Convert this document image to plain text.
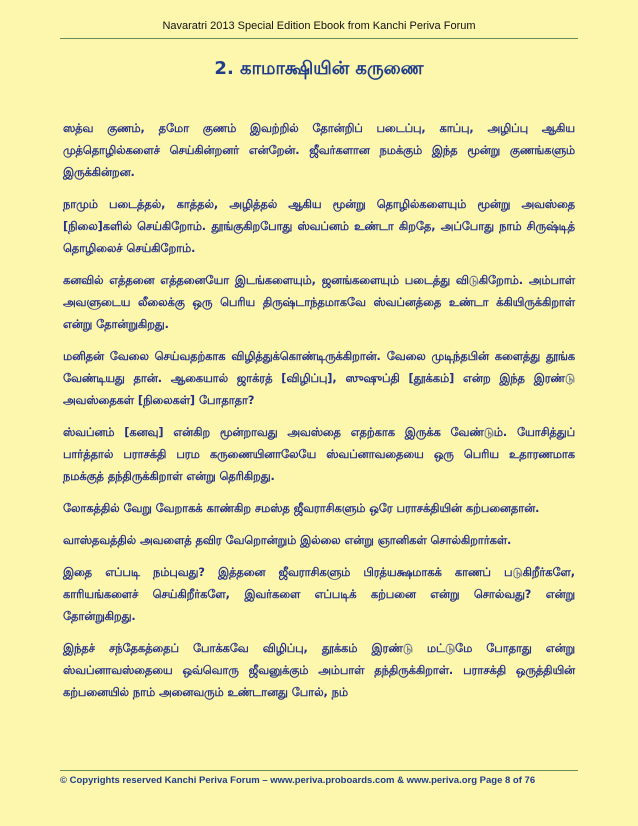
Navaratri 2013 Special Edition Ebook from Kanchi Periva Forum
2. காமாக்ஷியின் கருணை

ஸத்வ குணம், தமோ குணம் இவற்றில் தோன்றிப் படைப்பு, காப்பு, அழிப்பு ஆகிய முத்தொழில்களைச் செய்கின்றனர் என்றேன். ஜீவர்களான நமக்கும் இந்த மூன்று குணங்களும் இருக்கின்றன.

நாமும் படைத்தல், காத்தல், அழித்தல் ஆகிய மூன்று தொழில்களையும் மூன்று அவஸ்தை [நிலை]களில் செய்கிறோம். தூங்குகிறபோது ஸ்வப்னம் உண்டா கிறதே, அப்போது நாம் சிருஷ்டித் தொழிலைச் செய்கிறோம்.

கனவில் எத்தனை எத்தனையோ இடங்களையும், ஜனங்களையும் படைத்து விடுகிறோம். அம்பாள் அவளுடைய லீலைக்கு ஒரு பெரிய திருஷ்டாந்தமாகவே ஸ்வப்னத்தை உண்டா க்கியிருக்கிறாள் என்று தோன்றுகிறது.

மனிதன் வேலை செய்வதற்காக விழித்துக்கொண்டிருக்கிறான். வேலை முடிந்தபின் களைத்து தூங்க வேண்டியது தான். ஆகையால் ஜாக்ரத் [விழிப்பு], ஸுஷுப்தி [தூக்கம்] என்ற இந்த இரண்டு அவஸ்தைகள் [நிலைகள்] போதாதா?

ஸ்வப்னம் [கனவு] என்கிற மூன்றாவது அவஸ்தை எதற்காக இருக்க வேண்டும். யோசித்துப் பார்த்தால் பராசக்தி பரம கருணையினாலேயே ஸ்வப்னாவதையை ஒரு பெரிய உதாரணமாக நமக்குத் தந்திருக்கிறாள் என்று தெரிகிறது.

லோகத்தில் வேறு வேறாகக் காண்கிற சமஸ்த ஜீவராசிகளும் ஒரே பராசக்தியின் கற்பனைதான்.

வாஸ்தவத்தில் அவளைத் தவிர வேறொன்றும் இல்லை என்று ஞானிகள் சொல்கிறார்கள்.

இதை எப்படி நம்புவது? இத்தனை ஜீவராசிகளும் பிரத்யக்ஷமாகக் காணப் படுகிறீர்களே, காரியங்களைச் செய்கிறீர்களே, இவர்களை எப்படிக் கற்பனை என்று சொல்வது? என்று தோன்றுகிறது.

இந்தச் சந்தேகத்தைப் போக்கவே விழிப்பு, தூக்கம் இரண்டு மட்டுமே போதாது என்று ஸ்வப்னாவஸ்தையை ஒவ்வொரு ஜீவனுக்கும் அம்பாள் தந்திருக்கிறாள். பராசக்தி ஒருத்தியின் கற்பனையில் நாம் அனைவரும் உண்டானது போல், நம்

© Copyrights reserved Kanchi Periva Forum – www.periva.proboards.com & www.periva.org Page 8 of 76
